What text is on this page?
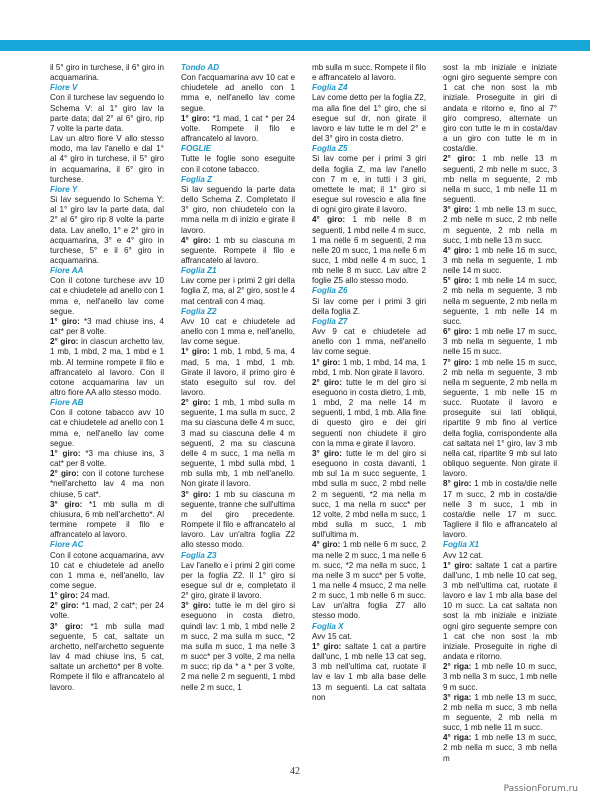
il 5° giro in turchese, il 6° giro in acquamarina.

Fiore V

Con il turchese lav seguendo lo Schema V: al 1° giro lav la parte data; dal 2° al 6° giro, rip 7 volte la parte data.

Lav un altro fiore V allo stesso modo, ma lav l'anello e dal 1° al 4° giro in turchese, il 5° giro in acquamarina, il 6° giro in turchese.

Fiore Y

Si lav seguendo lo Schema Y: al 1° giro lav la parte data, dal 2° al 6° giro rip 8 volte la parte data. Lav anello, 1° e 2° giro in acquamarina, 3° e 4° giro in turchese, 5° e il 6° giro in acquamarina.

Fiore AA

Con il cotone turchese avv 10 cat e chiudetele ad anello con 1 mma e, nell'anello lav come segue.

1° giro: *3 mad chiuse ins, 4 cat* per 8 volte.

2° giro: in ciascun archetto lav, 1 mb, 1 mbd, 2 ma, 1 mbd e 1 mb. Al termine rompete il filo e affrancatelo al lavoro. Con il cotone acquamarina lav un altro fiore AA allo stesso modo.

Fiore AB

Con il cotone tabacco avv 10 cat e chiudetele ad anello con 1 mma e, nell'anello lav come segue.

1° giro: *3 ma chiuse ins, 3 cat* per 8 volte.

2° giro: con il cotone turchese *nell'archetto lav 4 ma non chiuse, 5 cat*.

3° giro: *1 mb sulla m di chiusura, 6 mb nell'archetto*. Al termine rompete il filo e affrancatelo al lavoro.

Fiore AC

Con il cotone acquamarina, avv 10 cat e chiudetele ad anello con 1 mma e, nell'anello, lav come segue.

1° giro: 24 mad.

2° giro: *1 mad, 2 cat*; per 24 volte.

3° giro: *1 mb sulla mad seguente, 5 cat, saltate un archetto, nell'archetto seguente lav 4 mad chiuse ins, 5 cat, saltate un archetto* per 8 volte. Rompete il filo e affrancatelo al lavoro.

Tondo AD

Con l'acquamarina avv 10 cat e chiudetele ad anello con 1 mma e, nell'anello lav come segue.

1° giro: *1 mad, 1 cat * per 24 volte. Rompete il filo e affrancatelo al lavoro.

FOGLIE

Tutte le foglie sono eseguite con il cotone tabacco.

Foglia Z

Si lav seguendo la parte data dello Schema Z. Completato il 3° giro, non chiudetelo con la mma nella m di inizio e girate il lavoro.

4° giro: 1 mb su ciascuna m seguente. Rompete il filo e affrancatelo al lavoro.

Foglia Z1

Lav come per i primi 2 giri della foglia Z, ma, al 2° giro, sost le 4 mat centrali con 4 maq.

Foglia Z2

Avv 10 cat e chiudetele ad anello con 1 mma e, nell'anello, lav come segue.

1° giro: 1 mb, 1 mbd, 5 ma, 4 mad, 5 ma, 1 mbd, 1 mb. Girate il lavoro, il primo giro è stato eseguito sul rov. del lavoro.

2° giro: 1 mb, 1 mbd sulla m seguente, 1 ma sulla m succ, 2 ma su ciascuna delle 4 m succ, 3 mad su ciascuna delle 4 m seguenti, 2 ma su ciascuna delle 4 m succ, 1 ma nella m seguente, 1 mbd sulla mbd, 1 mb sulla mb, 1 mb nell'anello. Non girate il lavoro.

3° giro: 1 mb su ciascuna m seguente, tranne che sull'ultima m del giro precedente. Rompete il filo e affrancatelo al lavoro. Lav un'altra foglia Z2 allo stesso modo.

Foglia Z3

Lav l'anello e i primi 2 giri come per la foglia Z2. Il 1° giro si esegue sul dr e, completato il 2° giro, girate il lavoro.

3° giro: tutte le m del giro si eseguono in costa dietro, quindi lav: 1 mb, 1 mbd nelle 2 m succ, 2 ma sulla m succ, *2 ma sulla m succ, 1 ma nelle 3 m succ* per 3 volte, 2 ma nella m succ; rip da * a * per 3 volte, 2 ma nelle 2 m seguenti, 1 mbd nelle 2 m succ, 1

mb sulla m succ. Rompete il filo e affrancatelo al lavoro.

Foglia Z4

Lav come detto per la foglia Z2, ma alla fine del 1° giro, che si esegue sul dr, non girate il lavoro e lav tutte le m del 2° e del 3° giro in costa dietro.

Foglia Z5

Si lav come per i primi 3 giri della foglia Z, ma lav l'anello con 7 m e, in tutti i 3 giri, omettete le mat; il 1° giro si esegue sul rovescio e alla fine di ogni giro girate il lavoro.

4° giro: 1 mb nelle 8 m seguenti, 1 mbd nelle 4 m succ, 1 ma nelle 6 m seguenti, 2 ma nelle 20 m succ, 1 ma nelle 6 m succ, 1 mbd nelle 4 m succ, 1 mb nelle 8 m succ. Lav altre 2 foglie Z5 allo stesso modo.

Foglia Z6

Si lav come per i primi 3 giri della foglia Z.

Foglia Z7

Avv 9 cat e chiudetele ad anello con 1 mma, nell'anello lav come segue.

1° giro: 1 mb, 1 mbd, 14 ma, 1 mbd, 1 mb. Non girate il lavoro.

2° giro: tutte le m del giro si eseguono in costa dietro, 1 mb, 1 mbd, 2 ma nelle 14 m seguenti, 1 mbd, 1 mb. Alla fine di questo giro e dei giri seguenti non chiudete il giro con la mma e girate il lavoro.

3° giro: tutte le m del giro si eseguono in costa davanti, 1 mb sul 1a m succ seguente, 1 mbd sulla m succ, 2 mbd nelle 2 m seguenti, *2 ma nella m succ, 1 ma nella m succ* per 12 volte, 2 mbd nella m succ, 1 mbd sulla m succ, 1 mb sull'ultima m.

4° giro: 1 mb nelle 6 m succ, 2 ma nelle 2 m succ, 1 ma nelle 6 m. succ, *2 ma nella m succ, 1 ma nelle 3 m succ* per 5 volte, 1 ma nelle 4 msucc, 2 ma nelle 2 m succ, 1 mb nelle 6 m succ. Lav un'altra foglia Z7 allo stesso modo.

Foglia X

Avv 15 cat.

1° giro: saltate 1 cat a partire dall'unc, 1 mb nelle 13 cat seg, 3 mb nell'ultima cat, ruotate il lav e lav 1 mb alla base delle 13 m seguenti. La cat saltata non

sost la mb iniziale e iniziate ogni giro seguente sempre con 1 cat che non sost la mb iniziale. Proseguite in giri di andata e ritorno e, fino al 7° giro compreso, alternate un giro con tutte le m in costa/dav a un giro con tutte le m in costa/die.

2° giro: 1 mb nelle 13 m seguenti, 2 mb nelle m succ, 3 mb nella m seguente, 2 mb nella m succ, 1 mb nelle 11 m seguenti.

3° giro: 1 mb nelle 13 m succ, 2 mb nelle m succ, 2 mb nelle m seguente, 2 mb nella m succ, 1 mb nelle 13 m succ.

4° giro: 1 mb nelle 16 m succ, 3 mb nella m seguente, 1 mb nelle 14 m succ.

5° giro: 1 mb nelle 14 m succ, 2 mb nella m seguente, 3 mb nella m seguente, 2 mb nella m seguente, 1 mb nelle 14 m succ.

6° giro: 1 mb nelle 17 m succ, 3 mb nella m seguente, 1 mb nelle 15 m succ.

7° giro: 1 mb nelle 15 m succ, 2 mb nella m seguente, 3 mb nella m seguente, 2 mb nella m seguente, 1 mb nelle 15 m succ. Ruotate il lavoro e proseguite sui lati obliqui, ripartite 9 mb fino al vertice della foglia, corrispondente alla cat saltata nel 1° giro, lav 3 mb nella cat, ripartite 9 mb sul lato obliquo seguente. Non girate il lavoro.

8° giro: 1 mb in costa/die nelle 17 m succ, 2 mb in costa/die nelle 3 m succ, 1 mb in costa/die nelle 17 m succ. Tagliere il filo e affrancatelo al lavoro.

Foglia X1

Avv 12 cat.

1° giro: saltate 1 cat a partire dall'unc, 1 mb nelle 10 cat seg, 3 mb nell'ultima cat, ruotate il lavoro e lav 1 mb alla base del 10 m succ. La cat saltata non sost la mb iniziale e iniziate ogni giro seguente sempre con 1 cat che non sost la mb iniziale. Proseguite in righe di andata e ritorno.

2° riga: 1 mb nelle 10 m succ, 3 mb nella 3 m succ, 1 mb nelle 9 m succ.

3° riga: 1 mb nelle 13 m succ, 2 mb nella m succ, 3 mb nella m seguente, 2 mb nella m succ, 1 mb nelle 11 m succ.

4° riga: 1 mb nelle 13 m succ, 2 mb nella m succ, 3 mb nella m

42
PassionForum.ru
